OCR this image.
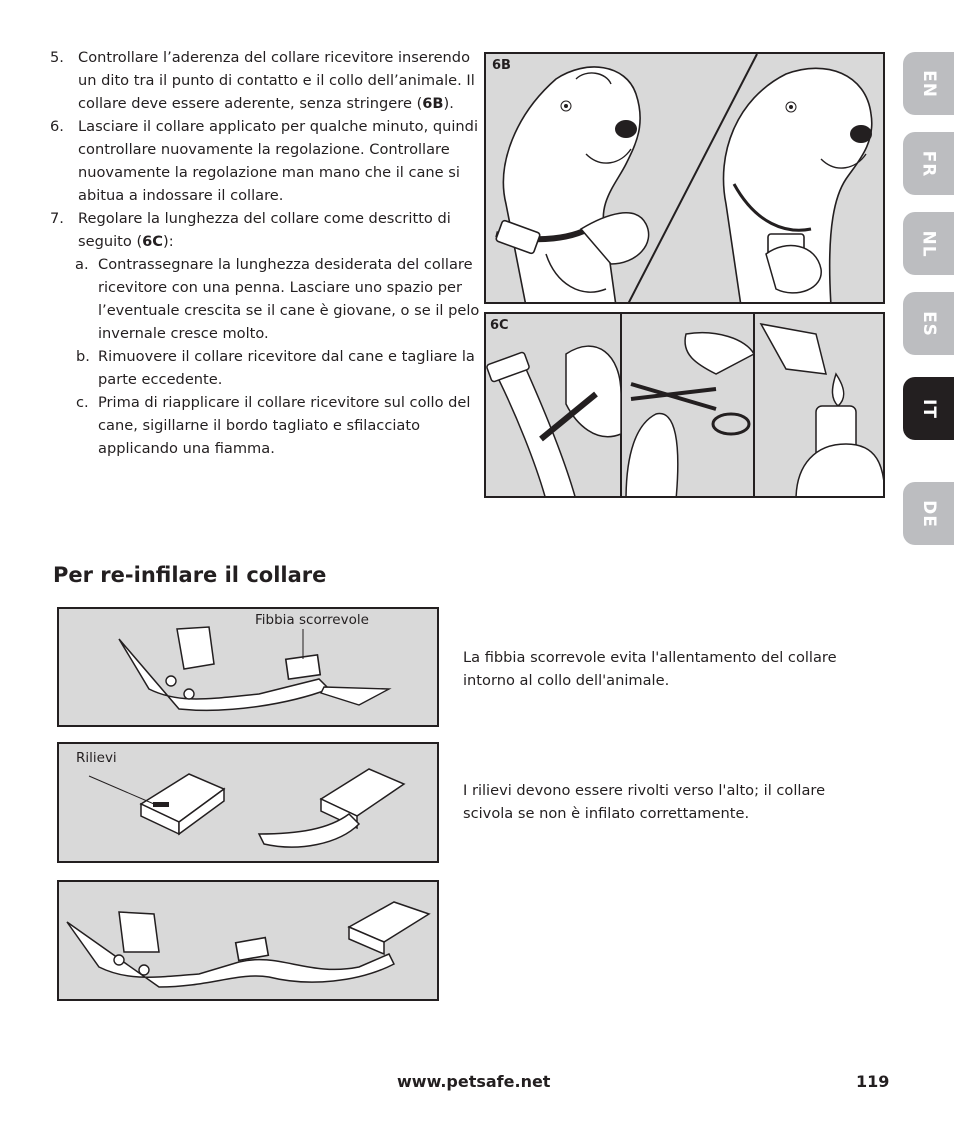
5. Controllare l’aderenza del collare ricevitore inserendo un dito tra il punto di contatto e il collo dell’animale. Il collare deve essere aderente, senza stringere (6B).
6. Lasciare il collare applicato per qualche minuto, quindi controllare nuovamente la regolazione. Controllare nuovamente la regolazione man mano che il cane si abitua a indossare il collare.
7. Regolare la lunghezza del collare come descritto di seguito (6C):
a. Contrassegnare la lunghezza desiderata del collare ricevitore con una penna. Lasciare uno spazio per l’eventuale crescita se il cane è giovane, o se il pelo invernale cresce molto.
b. Rimuovere il collare ricevitore dal cane e tagliare la parte eccedente.
c. Prima di riapplicare il collare ricevitore sul collo del cane, sigillarne il bordo tagliato e sfilacciato applicando una fiamma.
6B
6C
EN
FR
NL
ES
IT
DE
Per re-infilare il collare
Fibbia scorrevole
Rilievi
La fibbia scorrevole evita l'allentamento del collare intorno al collo dell'animale.
I rilievi devono essere rivolti verso l'alto; il collare scivola se non è infilato correttamente.
www.petsafe.net	119
